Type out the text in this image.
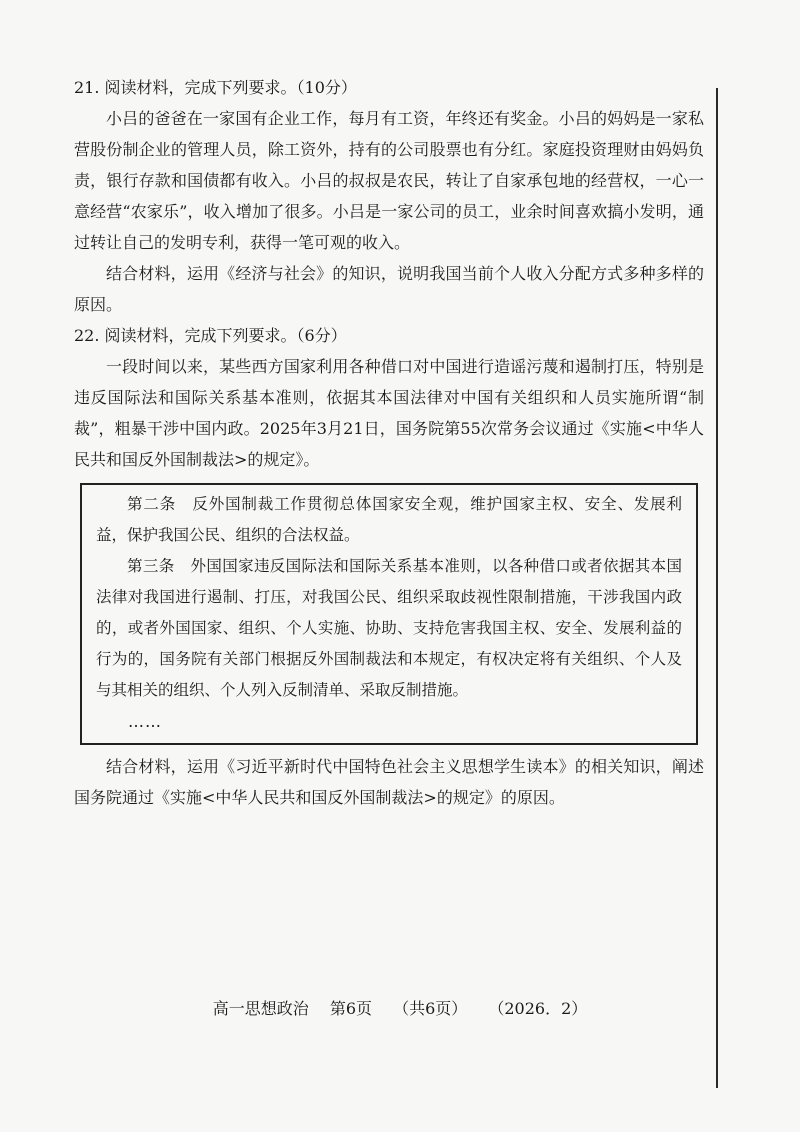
21. 阅读材料，完成下列要求。（10分）

小吕的爸爸在一家国有企业工作，每月有工资，年终还有奖金。小吕的妈妈是一家私营股份制企业的管理人员，除工资外，持有的公司股票也有分红。家庭投资理财由妈妈负责，银行存款和国债都有收入。小吕的叔叔是农民，转让了自家承包地的经营权，一心一意经营“农家乐”，收入增加了很多。小吕是一家公司的员工，业余时间喜欢搞小发明，通过转让自己的发明专利，获得一笔可观的收入。

结合材料，运用《经济与社会》的知识，说明我国当前个人收入分配方式多种多样的原因。

22. 阅读材料，完成下列要求。（6分）

一段时间以来，某些西方国家利用各种借口对中国进行造谣污蔑和遏制打压，特别是违反国际法和国际关系基本准则，依据其本国法律对中国有关组织和人员实施所谓“制裁”，粗暴干涉中国内政。2025年3月21日，国务院第55次常务会议通过《实施<中华人民共和国反外国制裁法>的规定》。

第二条　反外国制裁工作贯彻总体国家安全观，维护国家主权、安全、发展利益，保护我国公民、组织的合法权益。

第三条　外国国家违反国际法和国际关系基本准则，以各种借口或者依据其本国法律对我国进行遏制、打压，对我国公民、组织采取歧视性限制措施，干涉我国内政的，或者外国国家、组织、个人实施、协助、支持危害我国主权、安全、发展利益的行为的，国务院有关部门根据反外国制裁法和本规定，有权决定将有关组织、个人及与其相关的组织、个人列入反制清单、采取反制措施。

……

结合材料，运用《习近平新时代中国特色社会主义思想学生读本》的相关知识，阐述国务院通过《实施<中华人民共和国反外国制裁法>的规定》的原因。

高一思想政治 第6页 （共6页） （2026．2）
